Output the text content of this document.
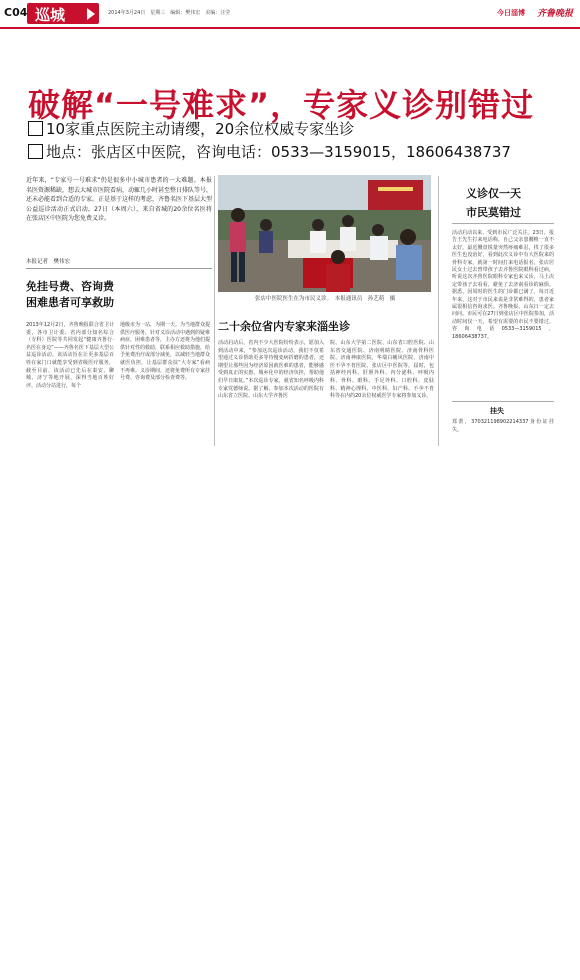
C04 巡城	2014年3月24日　星期三　编辑：樊伟宏　美编：汪莹	今日淄博 齐鲁晚报
破解“一号难求”，专家义诊别错过
10家重点医院主动请缨，20余位权威专家坐诊
地点：张店区中医院，咨询电话：0533—3159015，18606438737
近年来，“专家号一号难求”仍是很多中小城市患者的一大难题。本报名医资源稀缺，想去大城市医院看病，动辄几小时甚至整日排队等号，还未必能看到合适的专家。正是基于这样的考虑，齐鲁名医下基层大型公益巡诊活动正式启动，27日（本周六），来自省城的20余位名医将在张店区中医院为您免费义诊。
本报记者　樊伟宏
张店中医院医生在为市民义诊。　本报通讯员　孙艺萌　摄
免挂号费、咨询费
困难患者可享救助
2013年12月2日，齐鲁晚报联合省卫计委、各市卫计委、省内部分知名综合（专科）医院等共同发起“健康齐鲁行·名医在身边”——齐鲁名医下基层大型公益巡诊活动。该活动旨在让更多基层百姓在家门口就能享受到省级医疗服务，截至目前，该活动已先后在泰安、聊城、济宁等地开展，深得当地百姓好评。活动分站进行，每个
地级市为一站，为期一天。为当地群众提供医疗服务，针对义诊活动中遇到的疑难病症，困难患者等，主办方还将为他们提供针对性的救助，联系相应救助措施，给予免费治疗或部分减免，以减轻当地群众就医负担，让基层群众扶“大专家”看病不再难。义诊期间，还将免费所有专家挂号费、咨询费及部分检查费等。
二十余位省内专家来淄坐诊
活动启动后，省内不少大医院纷纷表示，愿加入到活动中来，“参加这次巡诊活动，我们不仅希望通过义诊帮助更多等待慢变病折磨的患者，还期望让那些因为经济原因就医难的患者，能够感受到真正的实惠。城乡化中的经济负担，帮助他们早日康复。”本次巡诊专家，就省知名呼吸内科专家党德师说。据了解，参加本次活动的医院有山东省立医院、山东大学齐鲁医
院、山东大学第二医院、山东省口腔医院、山东省交通医院、济南明睛医院、济南骨科医院、济南神康医院、华瑞白癜风医院、济南中医不孕不育医院、张店区中医院等。届时，包括神经内科、肝胆外科、内分泌科、呼吸内科、骨科、眼科、手足外科、口腔科、皮肤科、精神心理科、中医科、妇产科、不孕不育科等在内的20余位权威医学专家将参加义诊。
义诊仅一天
市民莫错过
活动启动以来，受到市民广泛关注。23日，报告王先生打来电话称，自己父亲患腰椎一直不太好，最近腰盘锐量突然疼痛难忍，找了很多医生也没治好，看到此次义诊中有大医院来的骨科专家，就第一时间打来电话报名。张店居民女士过去曾带孩子去齐鲁医院眼科看过病，听说这次齐鲁医院眼科专家也来义诊，马上决定带孩子去看看，避免了去济南看诊的麻烦。据悉，因周时的医生的门诊都已满了，每日近年来，这对于市民来说是非常难得的，患者家属很相信咨询求医。齐鲁晚报、山东日一定去问问。市民可在27日到张店区中医院参加，活动时间仅一天，希望有需要的市民不要错过。咨询电话0533—3159015，18606438737。
挂失
郑蕾，370321198902214337身份证挂失。
